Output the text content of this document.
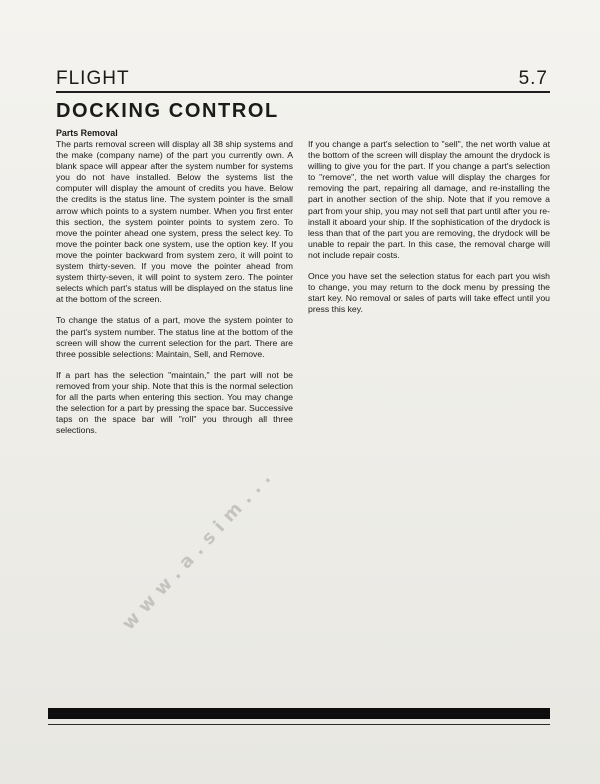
FLIGHT	5.7
DOCKING CONTROL
Parts Removal

The parts removal screen will display all 38 ship systems and the make (company name) of the part you currently own. A blank space will appear after the system number for systems you do not have installed. Below the systems list the computer will display the amount of credits you have. Below the credits is the status line. The system pointer is the small arrow which points to a system number. When you first enter this section, the system pointer points to system zero. To move the pointer ahead one system, press the select key. To move the pointer back one system, use the option key. If you move the pointer backward from system zero, it will point to system thirty-seven. If you move the pointer ahead from system thirty-seven, it will point to system zero. The pointer selects which part's status will be displayed on the status line at the bottom of the screen.

To change the status of a part, move the system pointer to the part's system number. The status line at the bottom of the screen will show the current selection for the part. There are three possible selections: Maintain, Sell, and Remove.

If a part has the selection "maintain," the part will not be removed from your ship. Note that this is the normal selection for all the parts when entering this section. You may change the selection for a part by pressing the space bar. Successive taps on the space bar will "roll" you through all three selections.

If you change a part's selection to "sell", the net worth value at the bottom of the screen will display the amount the drydock is willing to give you for the part. If you change a part's selection to "remove", the net worth value will display the charges for removing the part, repairing all damage, and re-installing the part in another section of the ship. Note that if you remove a part from your ship, you may not sell that part until after you re-install it aboard your ship. If the sophistication of the drydock is less than that of the part you are removing, the drydock will be unable to repair the part. In this case, the removal charge will not include repair costs.

Once you have set the selection status for each part you wish to change, you may return to the dock menu by pressing the start key. No removal or sales of parts will take effect until you press this key.

www.a.sim...
